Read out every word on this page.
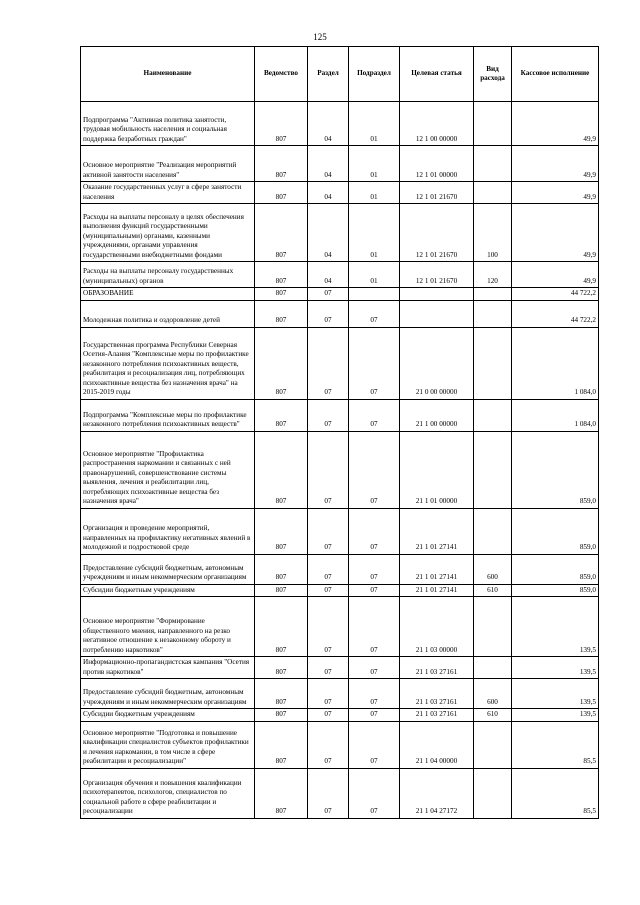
125
Наименование	Ведомство	Раздел	Подраздел	Целевая статья	Вид расхода	Кассовое исполнение
Подпрограмма "Активная политика занятости, трудовая мобильность населения и социальная поддержка безработных граждан"	807	04	01	12 1 00 00000		49,9
Основное мероприятие "Реализация мероприятий активной занятости населения"	807	04	01	12 1 01 00000		49,9
Оказание государственных услуг в сфере занятости населения	807	04	01	12 1 01 21670		49,9
Расходы на выплаты персоналу в целях обеспечения выполнения функций государственными (муниципальными) органами, казенными учреждениями, органами управления государственными внебюджетными фондами	807	04	01	12 1 01 21670	100	49,9
Расходы на выплаты персоналу государственных (муниципальных) органов	807	04	01	12 1 01 21670	120	49,9
ОБРАЗОВАНИЕ	807	07				44 722,2
Молодежная политика и оздоровление детей	807	07	07			44 722,2
Государственная программа Республики Северная Осетия-Алания "Комплексные меры по профилактике незаконного потребления психоактивных веществ, реабилитация и ресоциализация лиц, потребляющих психоактивные вещества без назначения врача" на 2015-2019 годы	807	07	07	21 0 00 00000		1 084,0
Подпрограмма "Комплексные меры по профилактике незаконного потребления психоактивных веществ"	807	07	07	21 1 00 00000		1 084,0
Основное мероприятие "Профилактика распространения наркомании и связанных с ней правонарушений, совершенствование системы выявления, лечения и реабилитации лиц, потребляющих психоактивные вещества без назначения врача"	807	07	07	21 1 01 00000		859,0
Организация и проведение мероприятий, направленных на профилактику негативных явлений в молодежной и подростковой среде	807	07	07	21 1 01 27141		859,0
Предоставление субсидий бюджетным, автономным учреждениям и иным некоммерческим организациям	807	07	07	21 1 01 27141	600	859,0
Субсидии бюджетным учреждениям	807	07	07	21 1 01 27141	610	859,0
Основное мероприятие "Формирование общественного мнения, направленного на резко негативное отношение к незаконному обороту и потреблению наркотиков"	807	07	07	21 1 03 00000		139,5
Информационно-пропагандистская кампания "Осетия против наркотиков"	807	07	07	21 1 03 27161		139,5
Предоставление субсидий бюджетным, автономным учреждениям и иным некоммерческим организациям	807	07	07	21 1 03 27161	600	139,5
Субсидии бюджетным учреждениям	807	07	07	21 1 03 27161	610	139,5
Основное мероприятие "Подготовка и повышение квалификации специалистов субъектов профилактики и лечения наркомании, в том числе в сфере реабилитации и ресоциализации"	807	07	07	21 1 04 00000		85,5
Организация обучения и повышения квалификации психотерапевтов, психологов, специалистов по социальной работе в сфере реабилитации и ресоциализации	807	07	07	21 1 04 27172		85,5
